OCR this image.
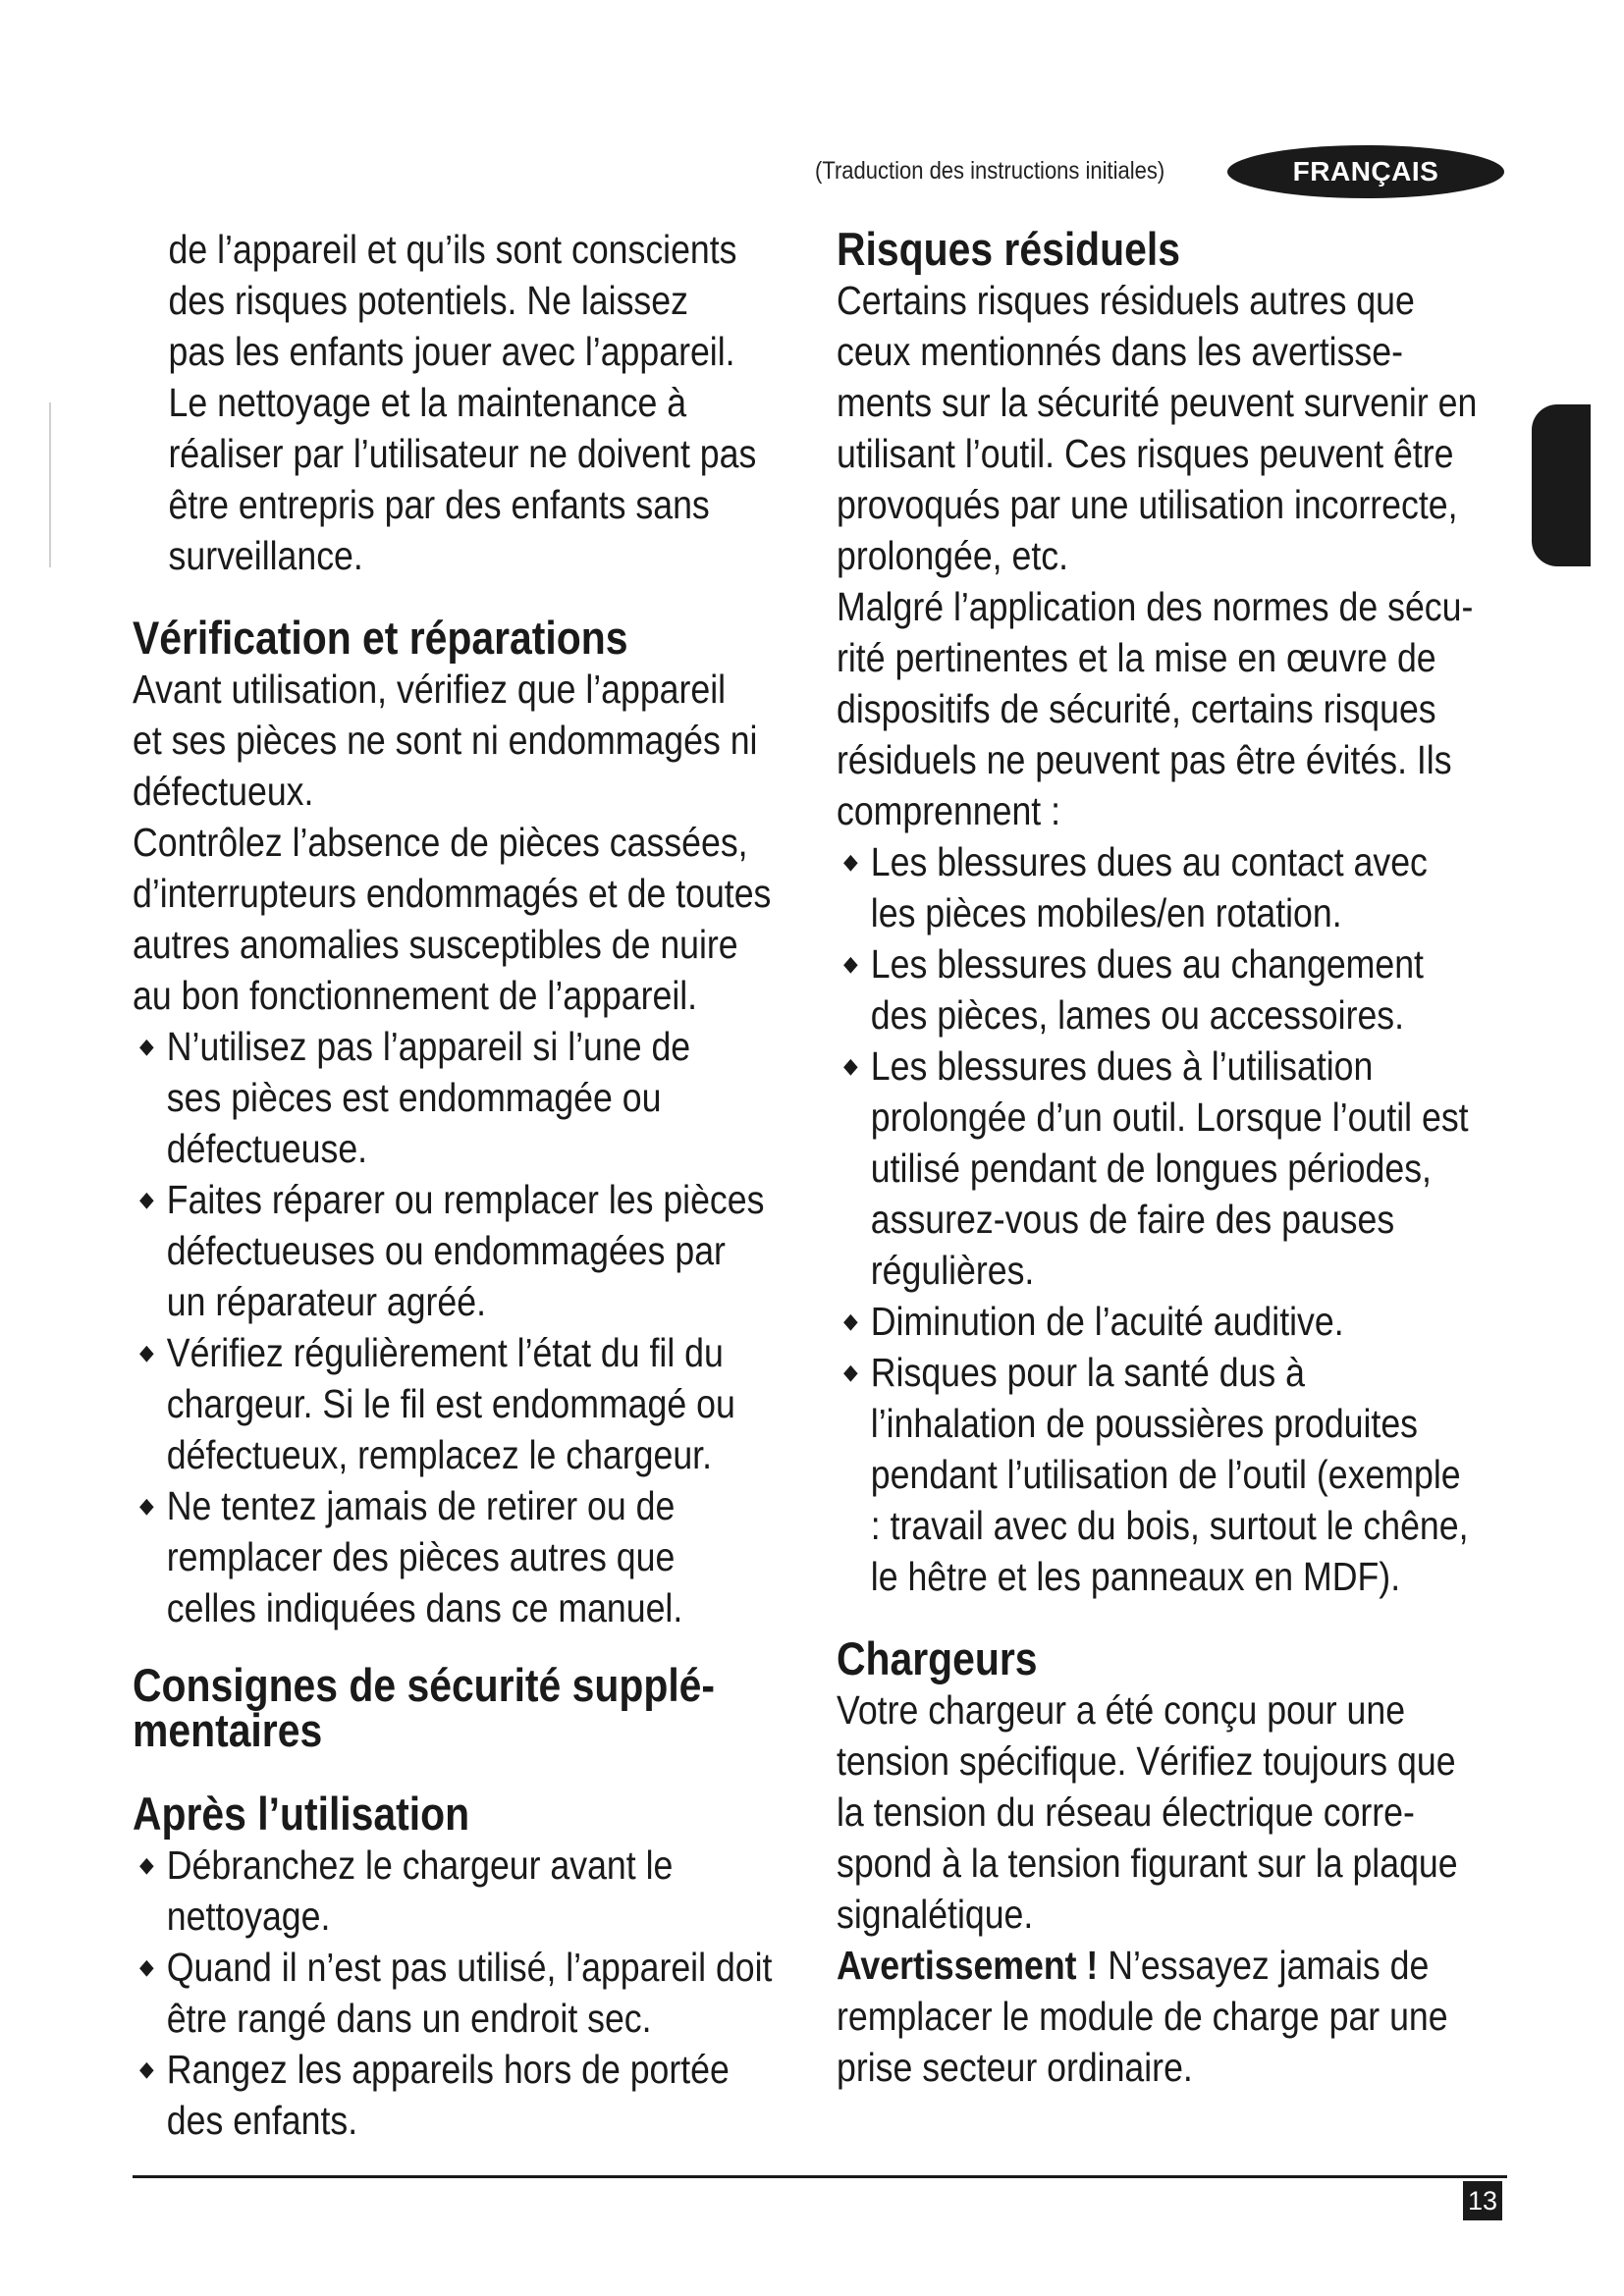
(Traduction des instructions initiales)	FRANÇAIS
de l’appareil et qu’ils sont conscients
des risques potentiels. Ne laissez
pas les enfants jouer avec l’appareil.
Le nettoyage et la maintenance à
réaliser par l’utilisateur ne doivent pas
être entrepris par des enfants sans
surveillance.
Vérification et réparations
Avant utilisation, vérifiez que l’appareil
et ses pièces ne sont ni endommagés ni
défectueux.
Contrôlez l’absence de pièces cassées,
d’interrupteurs endommagés et de toutes
autres anomalies susceptibles de nuire
au bon fonctionnement de l’appareil.
◆ N’utilisez pas l’appareil si l’une de
ses pièces est endommagée ou
défectueuse.
◆ Faites réparer ou remplacer les pièces
défectueuses ou endommagées par
un réparateur agréé.
◆ Vérifiez régulièrement l’état du fil du
chargeur. Si le fil est endommagé ou
défectueux, remplacez le chargeur.
◆ Ne tentez jamais de retirer ou de
remplacer des pièces autres que
celles indiquées dans ce manuel.
Consignes de sécurité supplé-
mentaires
Après l’utilisation
◆ Débranchez le chargeur avant le
nettoyage.
◆ Quand il n’est pas utilisé, l’appareil doit
être rangé dans un endroit sec.
◆ Rangez les appareils hors de portée
des enfants.
Risques résiduels
Certains risques résiduels autres que
ceux mentionnés dans les avertisse-
ments sur la sécurité peuvent survenir en
utilisant l’outil. Ces risques peuvent être
provoqués par une utilisation incorrecte,
prolongée, etc.
Malgré l’application des normes de sécu-
rité pertinentes et la mise en œuvre de
dispositifs de sécurité, certains risques
résiduels ne peuvent pas être évités. Ils
comprennent :
◆ Les blessures dues au contact avec
les pièces mobiles/en rotation.
◆ Les blessures dues au changement
des pièces, lames ou accessoires.
◆ Les blessures dues à l’utilisation
prolongée d’un outil. Lorsque l’outil est
utilisé pendant de longues périodes,
assurez-vous de faire des pauses
régulières.
◆ Diminution de l’acuité auditive.
◆ Risques pour la santé dus à
l’inhalation de poussières produites
pendant l’utilisation de l’outil (exemple
: travail avec du bois, surtout le chêne,
le hêtre et les panneaux en MDF).
Chargeurs
Votre chargeur a été conçu pour une
tension spécifique. Vérifiez toujours que
la tension du réseau électrique corre-
spond à la tension figurant sur la plaque
signalétique.
Avertissement ! N’essayez jamais de
remplacer le module de charge par une
prise secteur ordinaire.
13
